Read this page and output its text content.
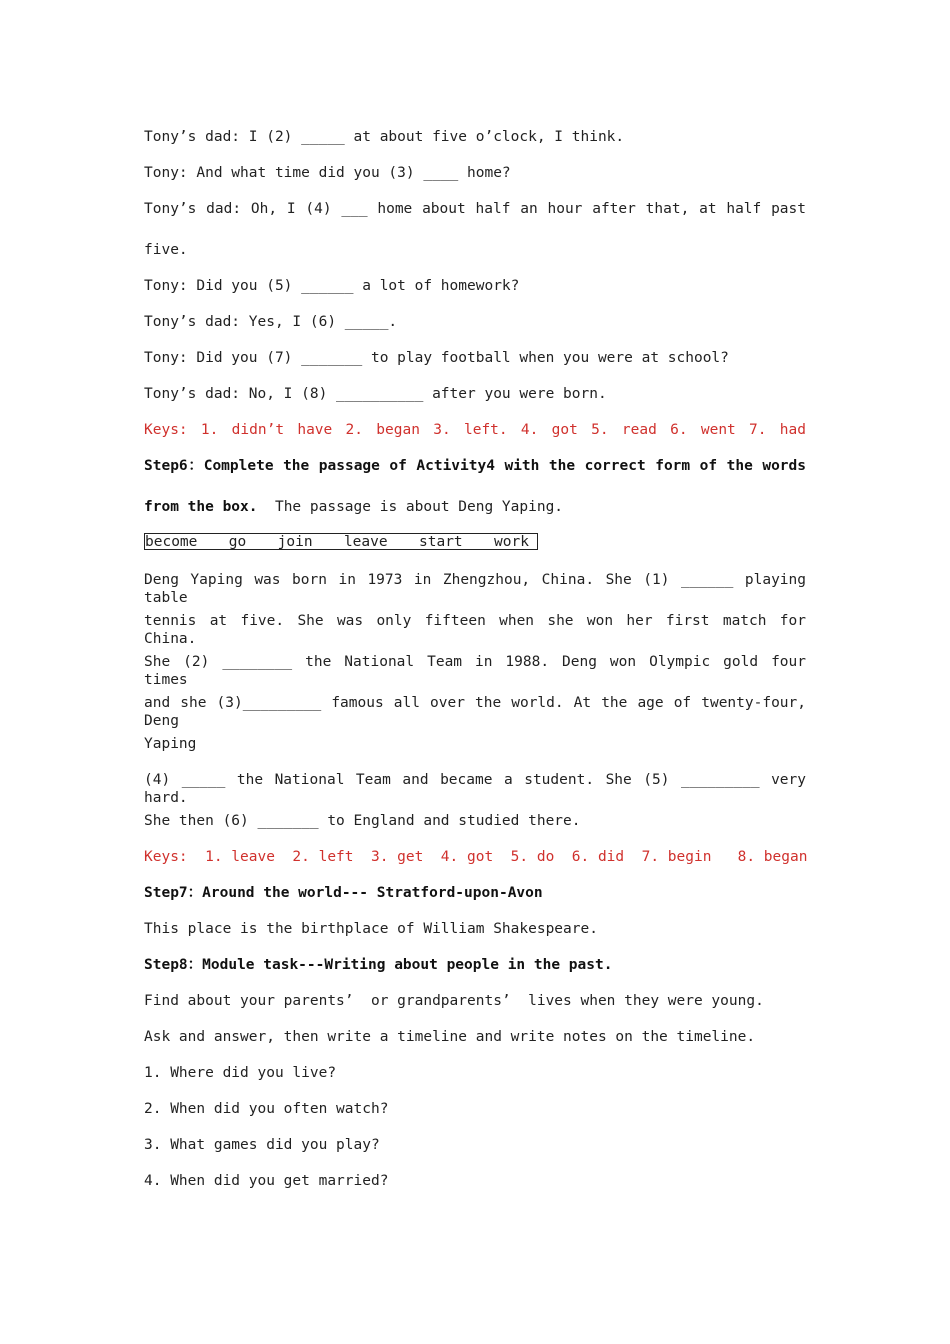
Tony’s dad: I (2) _____ at about five o’clock, I think.
Tony: And what time did you (3) ____ home?
Tony’s dad: Oh, I (4) ___ home about half an hour after that, at half past
five.
Tony: Did you (5) ______ a lot of homework?
Tony’s dad: Yes, I (6) _____.
Tony: Did you (7) _______ to play football when you were at school?
Tony’s dad: No, I (8) __________ after you were born.
Keys: 1. didn’t have 2. began 3. left. 4. got 5. read 6. went 7. had
Step6：Complete the passage of Activity4 with the correct form of the words
from the box.  The passage is about Deng Yaping.
become go join leave start work
Deng Yaping was born in 1973 in Zhengzhou, China. She (1) ______ playing table
tennis at five. She was only fifteen when she won her first match for China.
She (2) ________ the National Team in 1988. Deng won Olympic gold four times
and she (3)_________ famous all over the world. At the age of twenty-four, Deng
Yaping
(4) _____ the National Team and became a student. She (5) _________ very hard.
She then (6) _______ to England and studied there.
Keys:  1. leave  2. left  3. get  4. got  5. do  6. did  7. begin   8. began
Step7：Around the world--- Stratford-upon-Avon
This place is the birthplace of William Shakespeare.
Step8：Module task---Writing about people in the past.
Find about your parents’  or grandparents’  lives when they were young.
Ask and answer, then write a timeline and write notes on the timeline.
1. Where did you live?
2. When did you often watch?
3. What games did you play?
4. When did you get married?
